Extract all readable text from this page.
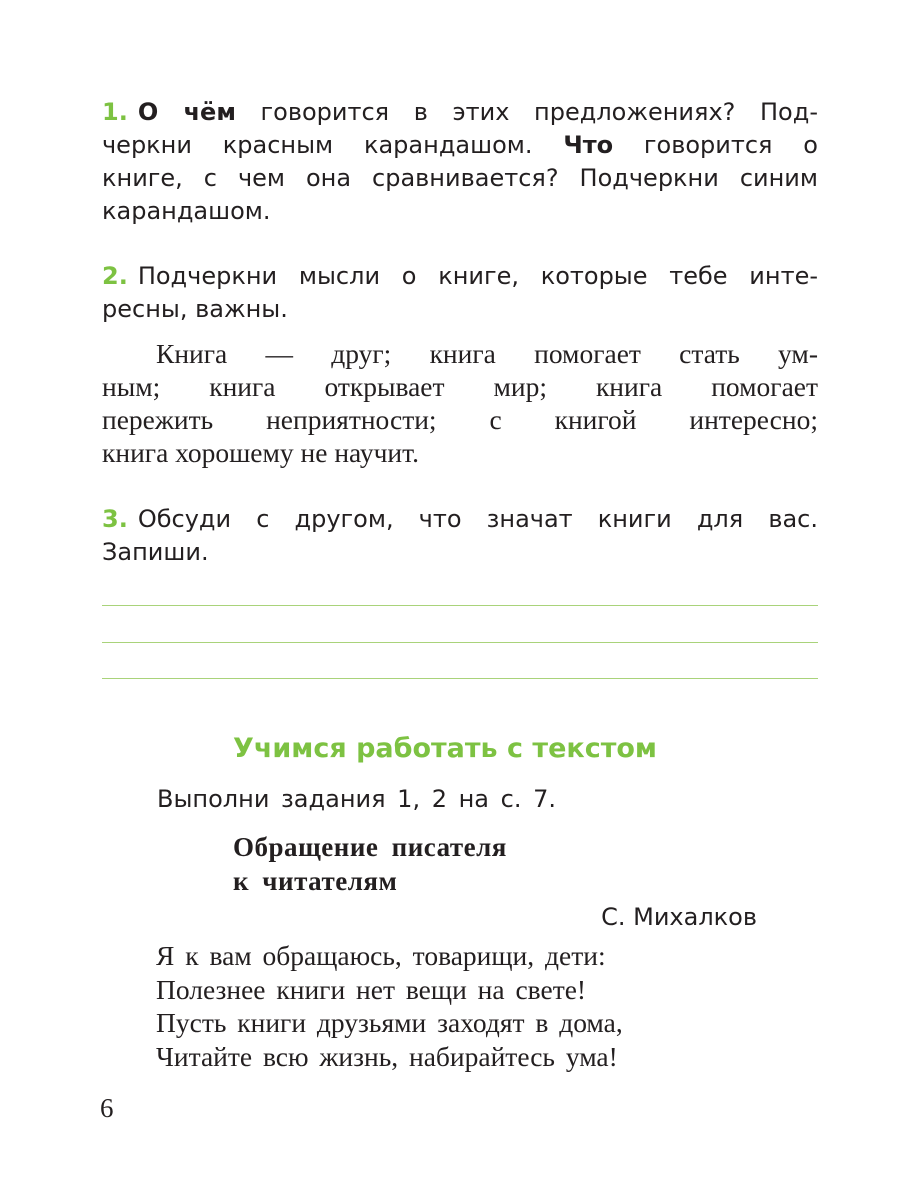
1. О чём говорится в этих предложениях? Под-
черкни красным карандашом. Что говорится о
книге, с чем она сравнивается? Подчеркни синим
карандашом.
2. Подчеркни мысли о книге, которые тебе инте-
ресны, важны.
Книга — друг; книга помогает стать ум-
ным; книга открывает мир; книга помогает
пережить неприятности; с книгой интересно;
книга хорошему не научит.
3. Обсуди с другом, что значат книги для вас.
Запиши.
Учимся работать с текстом
Выполни задания 1, 2 на с. 7.
Обращение писателя
к читателям
С. Михалков
Я к вам обращаюсь, товарищи, дети:
Полезнее книги нет вещи на свете!
Пусть книги друзьями заходят в дома,
Читайте всю жизнь, набирайтесь ума!
6
